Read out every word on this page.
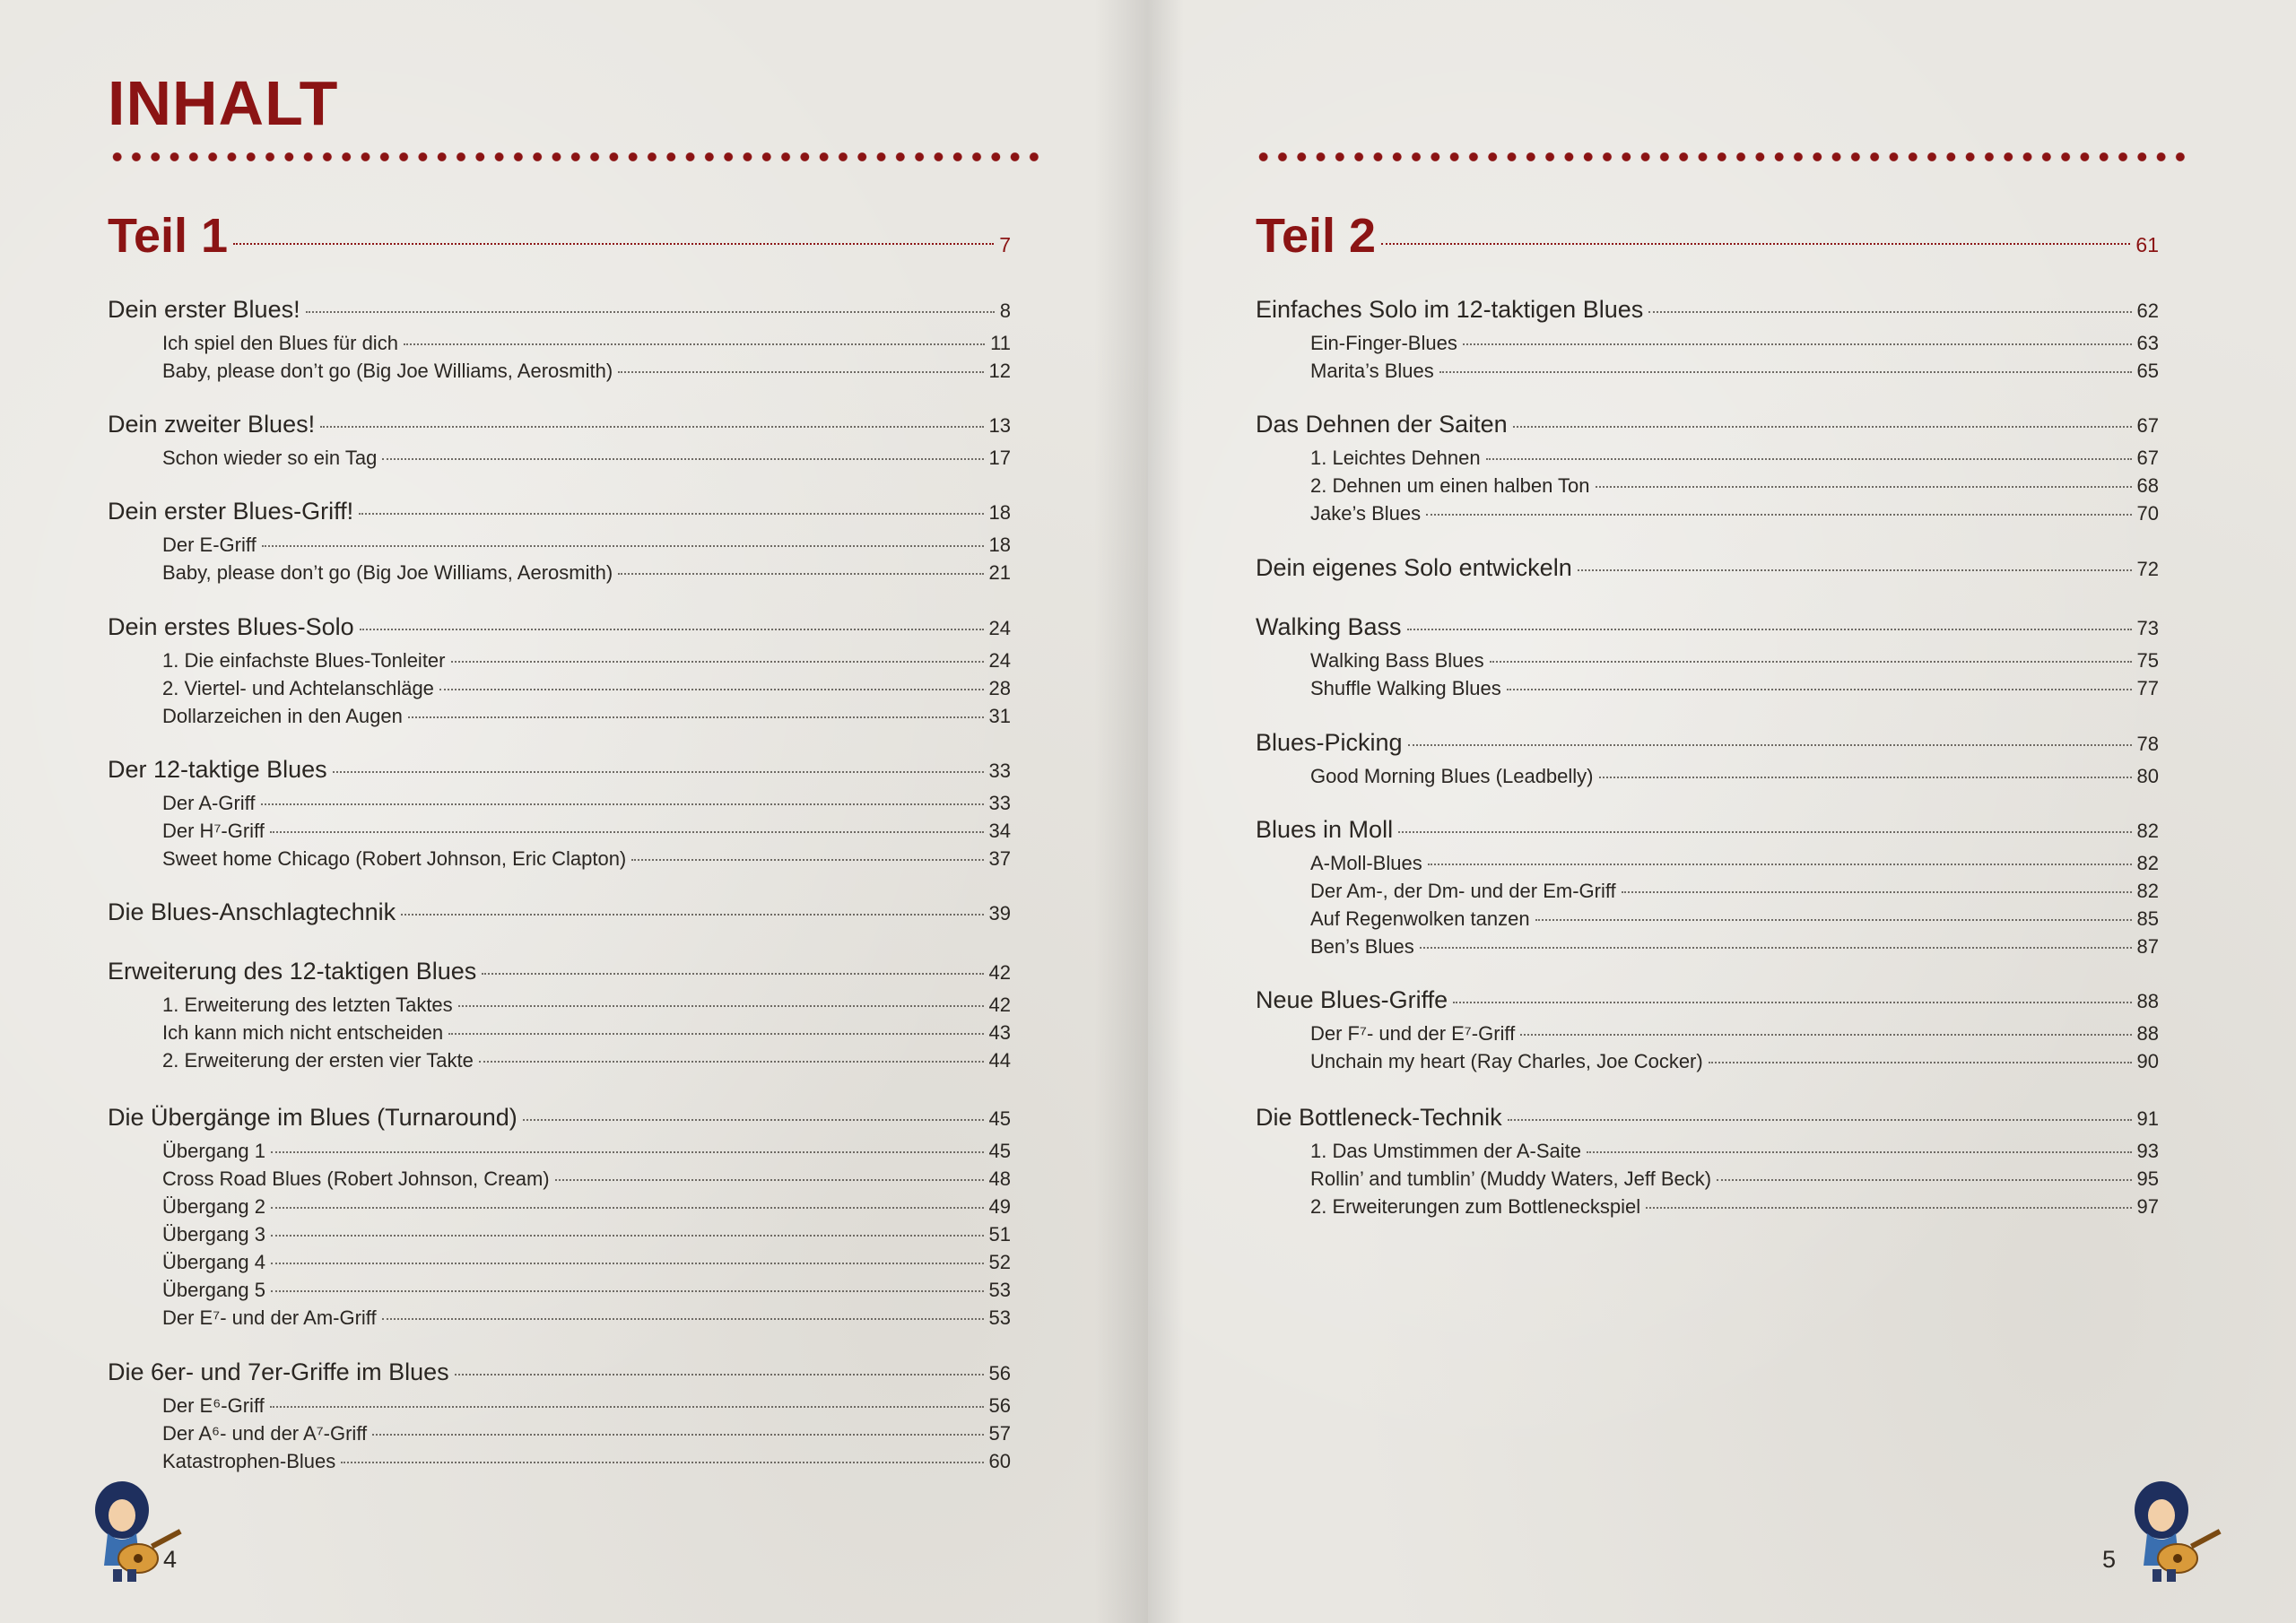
INHALT
Teil 1	7
Dein erster Blues!	8
Ich spiel den Blues für dich	11
Baby, please don’t go (Big Joe Williams, Aerosmith)	12
Dein zweiter Blues!	13
Schon wieder so ein Tag	17
Dein erster Blues-Griff!	18
Der E-Griff	18
Baby, please don’t go (Big Joe Williams, Aerosmith)	21
Dein erstes Blues-Solo	24
1. Die einfachste Blues-Tonleiter	24
2. Viertel- und Achtelanschläge	28
Dollarzeichen in den Augen	31
Der 12-taktige Blues	33
Der A-Griff	33
Der H⁷-Griff	34
Sweet home Chicago (Robert Johnson, Eric Clapton)	37
Die Blues-Anschlagtechnik	39
Erweiterung des 12-taktigen Blues	42
1. Erweiterung des letzten Taktes	42
Ich kann mich nicht entscheiden	43
2. Erweiterung der ersten vier Takte	44
Die Übergänge im Blues (Turnaround)	45
Übergang 1	45
Cross Road Blues (Robert Johnson, Cream)	48
Übergang 2	49
Übergang 3	51
Übergang 4	52
Übergang 5	53
Der E⁷- und der Am-Griff	53
Die 6er- und 7er-Griffe im Blues	56
Der E⁶-Griff	56
Der A⁶- und der A⁷-Griff	57
Katastrophen-Blues	60

4

Teil 2	61
Einfaches Solo im 12-taktigen Blues	62
Ein-Finger-Blues	63
Marita’s Blues	65
Das Dehnen der Saiten	67
1. Leichtes Dehnen	67
2. Dehnen um einen halben Ton	68
Jake’s Blues	70
Dein eigenes Solo entwickeln	72
Walking Bass	73
Walking Bass Blues	75
Shuffle Walking Blues	77
Blues-Picking	78
Good Morning Blues (Leadbelly)	80
Blues in Moll	82
A-Moll-Blues	82
Der Am-, der Dm- und der Em-Griff	82
Auf Regenwolken tanzen	85
Ben’s Blues	87
Neue Blues-Griffe	88
Der F⁷- und der E⁷-Griff	88
Unchain my heart (Ray Charles, Joe Cocker)	90
Die Bottleneck-Technik	91
1. Das Umstimmen der A-Saite	93
Rollin’ and tumblin’ (Muddy Waters, Jeff Beck)	95
2. Erweiterungen zum Bottleneckspiel	97

5
